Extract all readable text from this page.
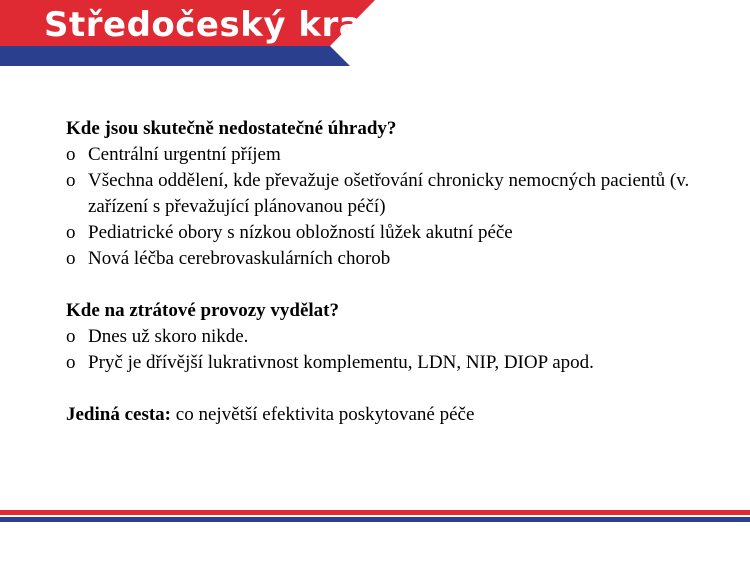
Středočeský kraj
Kde jsou skutečně nedostatečné úhrady?
o Centrální urgentní příjem
o Všechna oddělení, kde převažuje ošetřování chronicky nemocných pacientů (v. zařízení s převažující plánovanou péčí)
o Pediatrické obory s nízkou obložností lůžek akutní péče
o Nová léčba cerebrovaskulárních chorob
Kde na ztrátové provozy vydělat?
o Dnes už skoro nikde.
o Pryč je dřívější lukrativnost komplementu, LDN, NIP, DIOP apod.
Jediná cesta: co největší efektivita poskytované péče
